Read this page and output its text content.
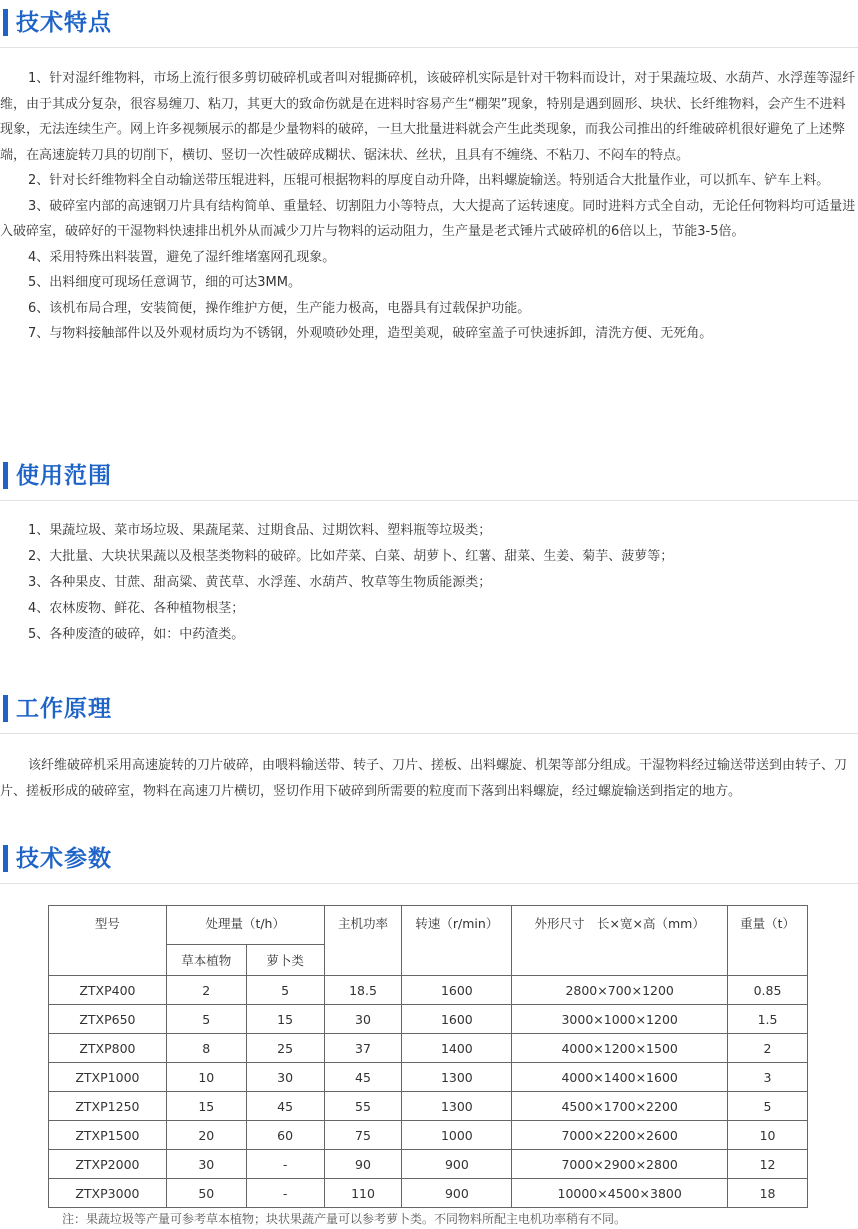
技术特点

1、针对湿纤维物料，市场上流行很多剪切破碎机或者叫对辊撕碎机，该破碎机实际是针对干物料而设计，对于果蔬垃圾、水葫芦、水浮莲等湿纤维，由于其成分复杂，很容易缠刀、粘刀，其更大的致命伤就是在进料时容易产生“棚架”现象，特别是遇到圆形、块状、长纤维物料，会产生不进料现象，无法连续生产。网上许多视频展示的都是少量物料的破碎，一旦大批量进料就会产生此类现象，而我公司推出的纤维破碎机很好避免了上述弊端，在高速旋转刀具的切削下，横切、竖切一次性破碎成糊状、锯沫状、丝状，且具有不缠绕、不粘刀、不闷车的特点。

2、针对长纤维物料全自动输送带压辊进料，压辊可根据物料的厚度自动升降，出料螺旋输送。特别适合大批量作业，可以抓车、铲车上料。

3、破碎室内部的高速钢刀片具有结构简单、重量轻、切割阻力小等特点，大大提高了运转速度。同时进料方式全自动，无论任何物料均可适量进入破碎室，破碎好的干湿物料快速排出机外从而减少刀片与物料的运动阻力，生产量是老式锤片式破碎机的6倍以上，节能3-5倍。

4、采用特殊出料装置，避免了湿纤维堵塞网孔现象。

5、出料细度可现场任意调节，细的可达3MM。

6、该机布局合理，安装简便，操作维护方便，生产能力极高，电器具有过载保护功能。

7、与物料接触部件以及外观材质均为不锈钢，外观喷砂处理，造型美观，破碎室盖子可快速拆卸，清洗方便、无死角。

使用范围
1、果蔬垃圾、菜市场垃圾、果蔬尾菜、过期食品、过期饮料、塑料瓶等垃圾类；
2、大批量、大块状果蔬以及根茎类物料的破碎。比如芹菜、白菜、胡萝卜、红薯、甜菜、生姜、菊芋、菠萝等；
3、各种果皮、甘蔗、甜高粱、黄芪草、水浮莲、水葫芦、牧草等生物质能源类；
4、农林废物、鲜花、各种植物根茎；
5、各种废渣的破碎，如：中药渣类。
工作原理

该纤维破碎机采用高速旋转的刀片破碎，由喂料输送带、转子、刀片、搓板、出料螺旋、机架等部分组成。干湿物料经过输送带送到由转子、刀片、搓板形成的破碎室，物料在高速刀片横切，竖切作用下破碎到所需要的粒度而下落到出料螺旋，经过螺旋输送到指定的地方。

技术参数
型号	处理量（t/h）		主机功率	转速（r/min）	外形尺寸　长×宽×高（mm）	重量（t）
	草本植物	萝卜类				
ZTXP400	2	5	18.5	1600	2800×700×1200	0.85
ZTXP650	5	15	30	1600	3000×1000×1200	1.5
ZTXP800	8	25	37	1400	4000×1200×1500	2
ZTXP1000	10	30	45	1300	4000×1400×1600	3
ZTXP1250	15	45	55	1300	4500×1700×2200	5
ZTXP1500	20	60	75	1000	7000×2200×2600	10
ZTXP2000	30	-	90	900	7000×2900×2800	12
ZTXP3000	50	-	110	900	10000×4500×3800	18
注：果蔬垃圾等产量可参考草本植物；块状果蔬产量可以参考萝卜类。不同物料所配主电机功率稍有不同。
